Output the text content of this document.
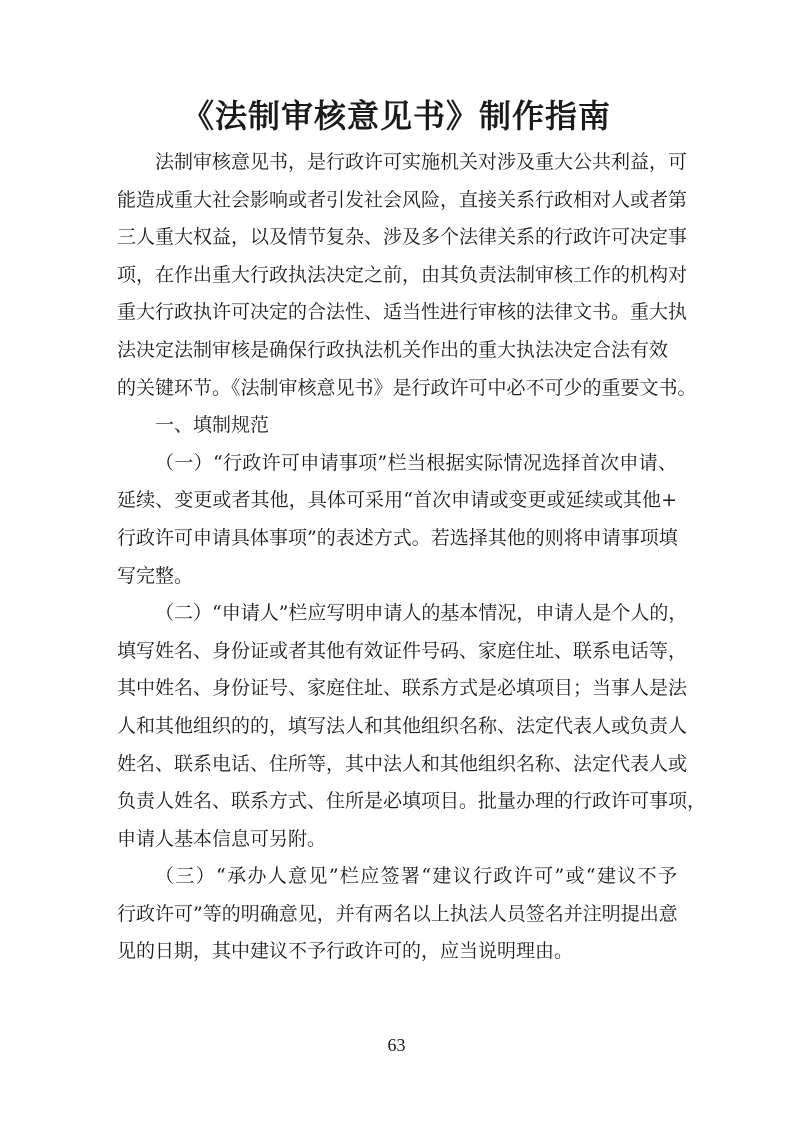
《法制审核意见书》制作指南
法制审核意见书，是行政许可实施机关对涉及重大公共利益，可
能造成重大社会影响或者引发社会风险，直接关系行政相对人或者第
三人重大权益，以及情节复杂、涉及多个法律关系的行政许可决定事
项，在作出重大行政执法决定之前，由其负责法制审核工作的机构对
重大行政执许可决定的合法性、适当性进行审核的法律文书。重大执
法决定法制审核是确保行政执法机关作出的重大执法决定合法有效
的关键环节。《法制审核意见书》是行政许可中必不可少的重要文书。
一、填制规范
（一）“行政许可申请事项”栏当根据实际情况选择首次申请、
延续、变更或者其他，具体可采用“首次申请或变更或延续或其他+
行政许可申请具体事项”的表述方式。若选择其他的则将申请事项填
写完整。
（二）“申请人”栏应写明申请人的基本情况，申请人是个人的，
填写姓名、身份证或者其他有效证件号码、家庭住址、联系电话等，
其中姓名、身份证号、家庭住址、联系方式是必填项目；当事人是法
人和其他组织的的，填写法人和其他组织名称、法定代表人或负责人
姓名、联系电话、住所等，其中法人和其他组织名称、法定代表人或
负责人姓名、联系方式、住所是必填项目。批量办理的行政许可事项，
申请人基本信息可另附。
（三）“承办人意见”栏应签署“建议行政许可”或“建议不予
行政许可”等的明确意见，并有两名以上执法人员签名并注明提出意
见的日期，其中建议不予行政许可的，应当说明理由。
63
